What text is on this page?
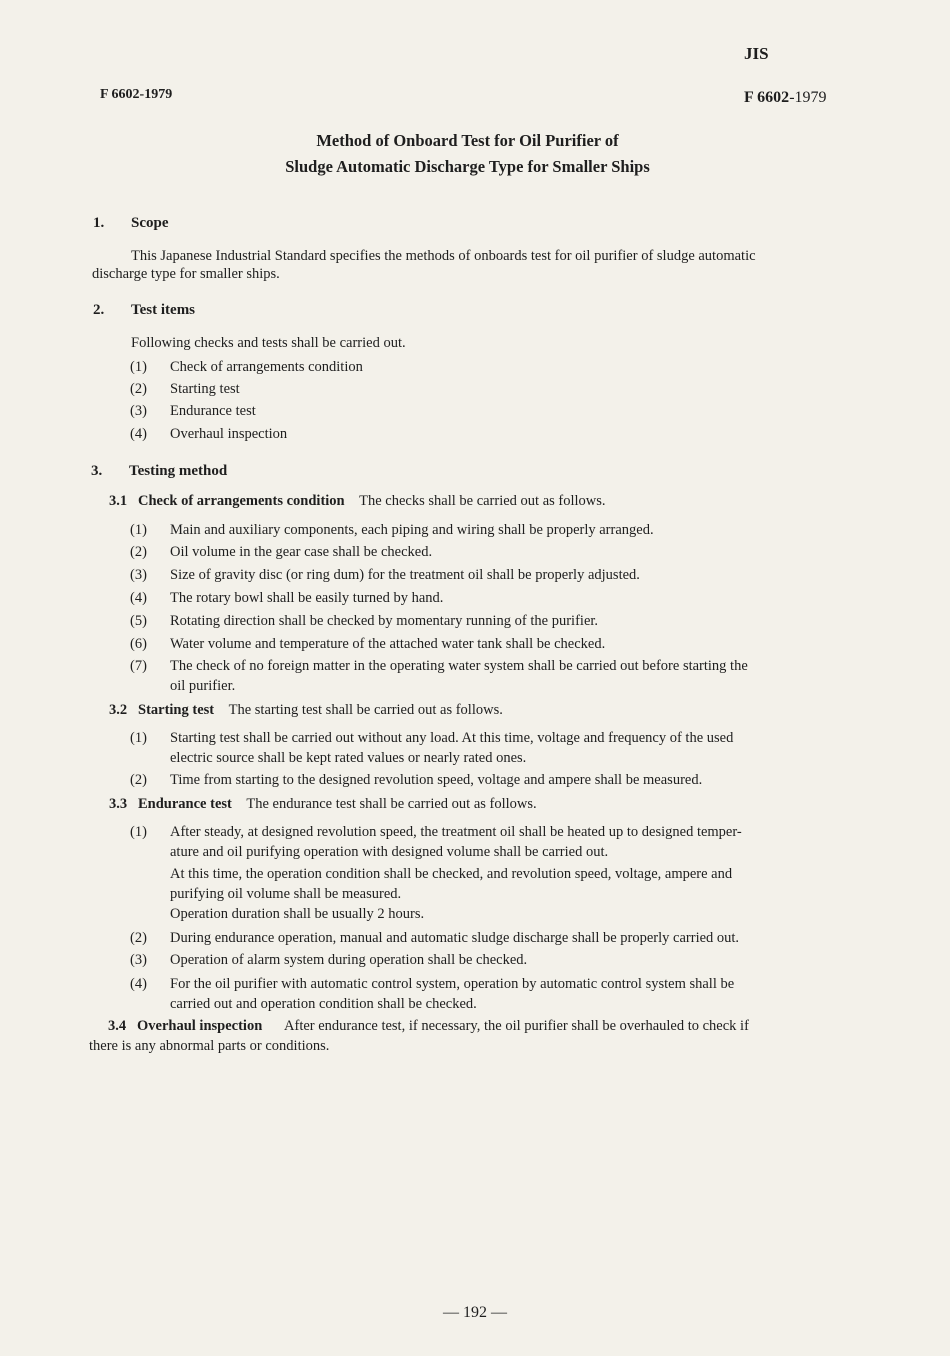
JIS
F 6602-1979	F 6602-1979
Method of Onboard Test for Oil Purifier of
Sludge Automatic Discharge Type for Smaller Ships
1. Scope
This Japanese Industrial Standard specifies the methods of onboards test for oil purifier of sludge automatic
discharge type for smaller ships.
2. Test items
Following checks and tests shall be carried out.
(1) Check of arrangements condition
(2) Starting test
(3) Endurance test
(4) Overhaul inspection
3. Testing method
3.1 Check of arrangements condition The checks shall be carried out as follows.
(1) Main and auxiliary components, each piping and wiring shall be properly arranged.
(2) Oil volume in the gear case shall be checked.
(3) Size of gravity disc (or ring dum) for the treatment oil shall be properly adjusted.
(4) The rotary bowl shall be easily turned by hand.
(5) Rotating direction shall be checked by momentary running of the purifier.
(6) Water volume and temperature of the attached water tank shall be checked.
(7) The check of no foreign matter in the operating water system shall be carried out before starting the
oil purifier.
3.2 Starting test The starting test shall be carried out as follows.
(1) Starting test shall be carried out without any load. At this time, voltage and frequency of the used
electric source shall be kept rated values or nearly rated ones.
(2) Time from starting to the designed revolution speed, voltage and ampere shall be measured.
3.3 Endurance test The endurance test shall be carried out as follows.
(1) After steady, at designed revolution speed, the treatment oil shall be heated up to designed temper-
ature and oil purifying operation with designed volume shall be carried out.
At this time, the operation condition shall be checked, and revolution speed, voltage, ampere and
purifying oil volume shall be measured.
Operation duration shall be usually 2 hours.
(2) During endurance operation, manual and automatic sludge discharge shall be properly carried out.
(3) Operation of alarm system during operation shall be checked.
(4) For the oil purifier with automatic control system, operation by automatic control system shall be
carried out and operation condition shall be checked.
3.4 Overhaul inspection After endurance test, if necessary, the oil purifier shall be overhauled to check if
there is any abnormal parts or conditions.
— 192 —
